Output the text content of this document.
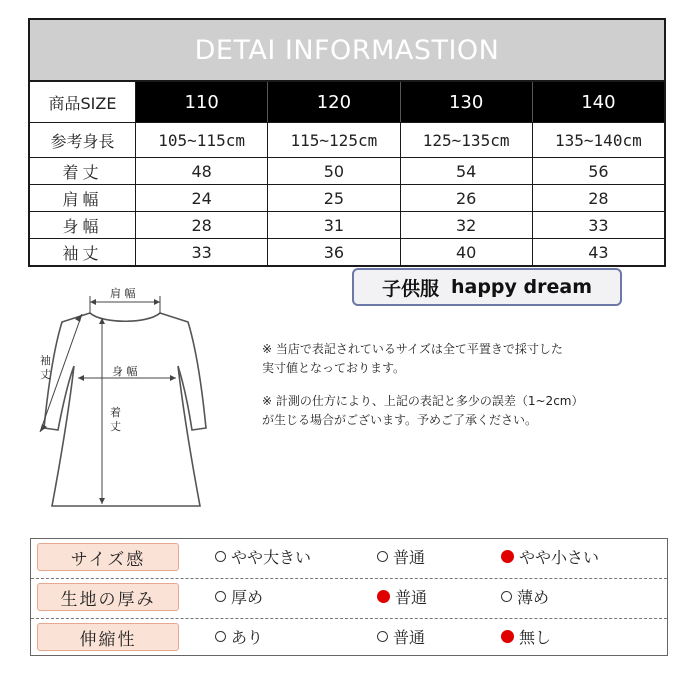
DETAI INFORMASTION
商品SIZE	110	120	130	140
参考身長	105~115cm	115~125cm	125~135cm	135~140cm
着丈	48	50	54	56
肩幅	24	25	26	28
身幅	28	31	32	33
袖丈	33	36	40	43
肩 幅
身 幅
着
丈
袖
丈
子供服 happy dream

※ 当店で表記されているサイズは全て平置きで採寸した
実寸値となっております。

※ 計測の仕方により、上記の表記と多少の誤差（1~2cm）
が生じる場合がございます。予めご了承ください。

サイズ感	やや大きい	普通	やや小さい
生地の厚み	厚め	普通	薄め
伸縮性	あり	普通	無し
